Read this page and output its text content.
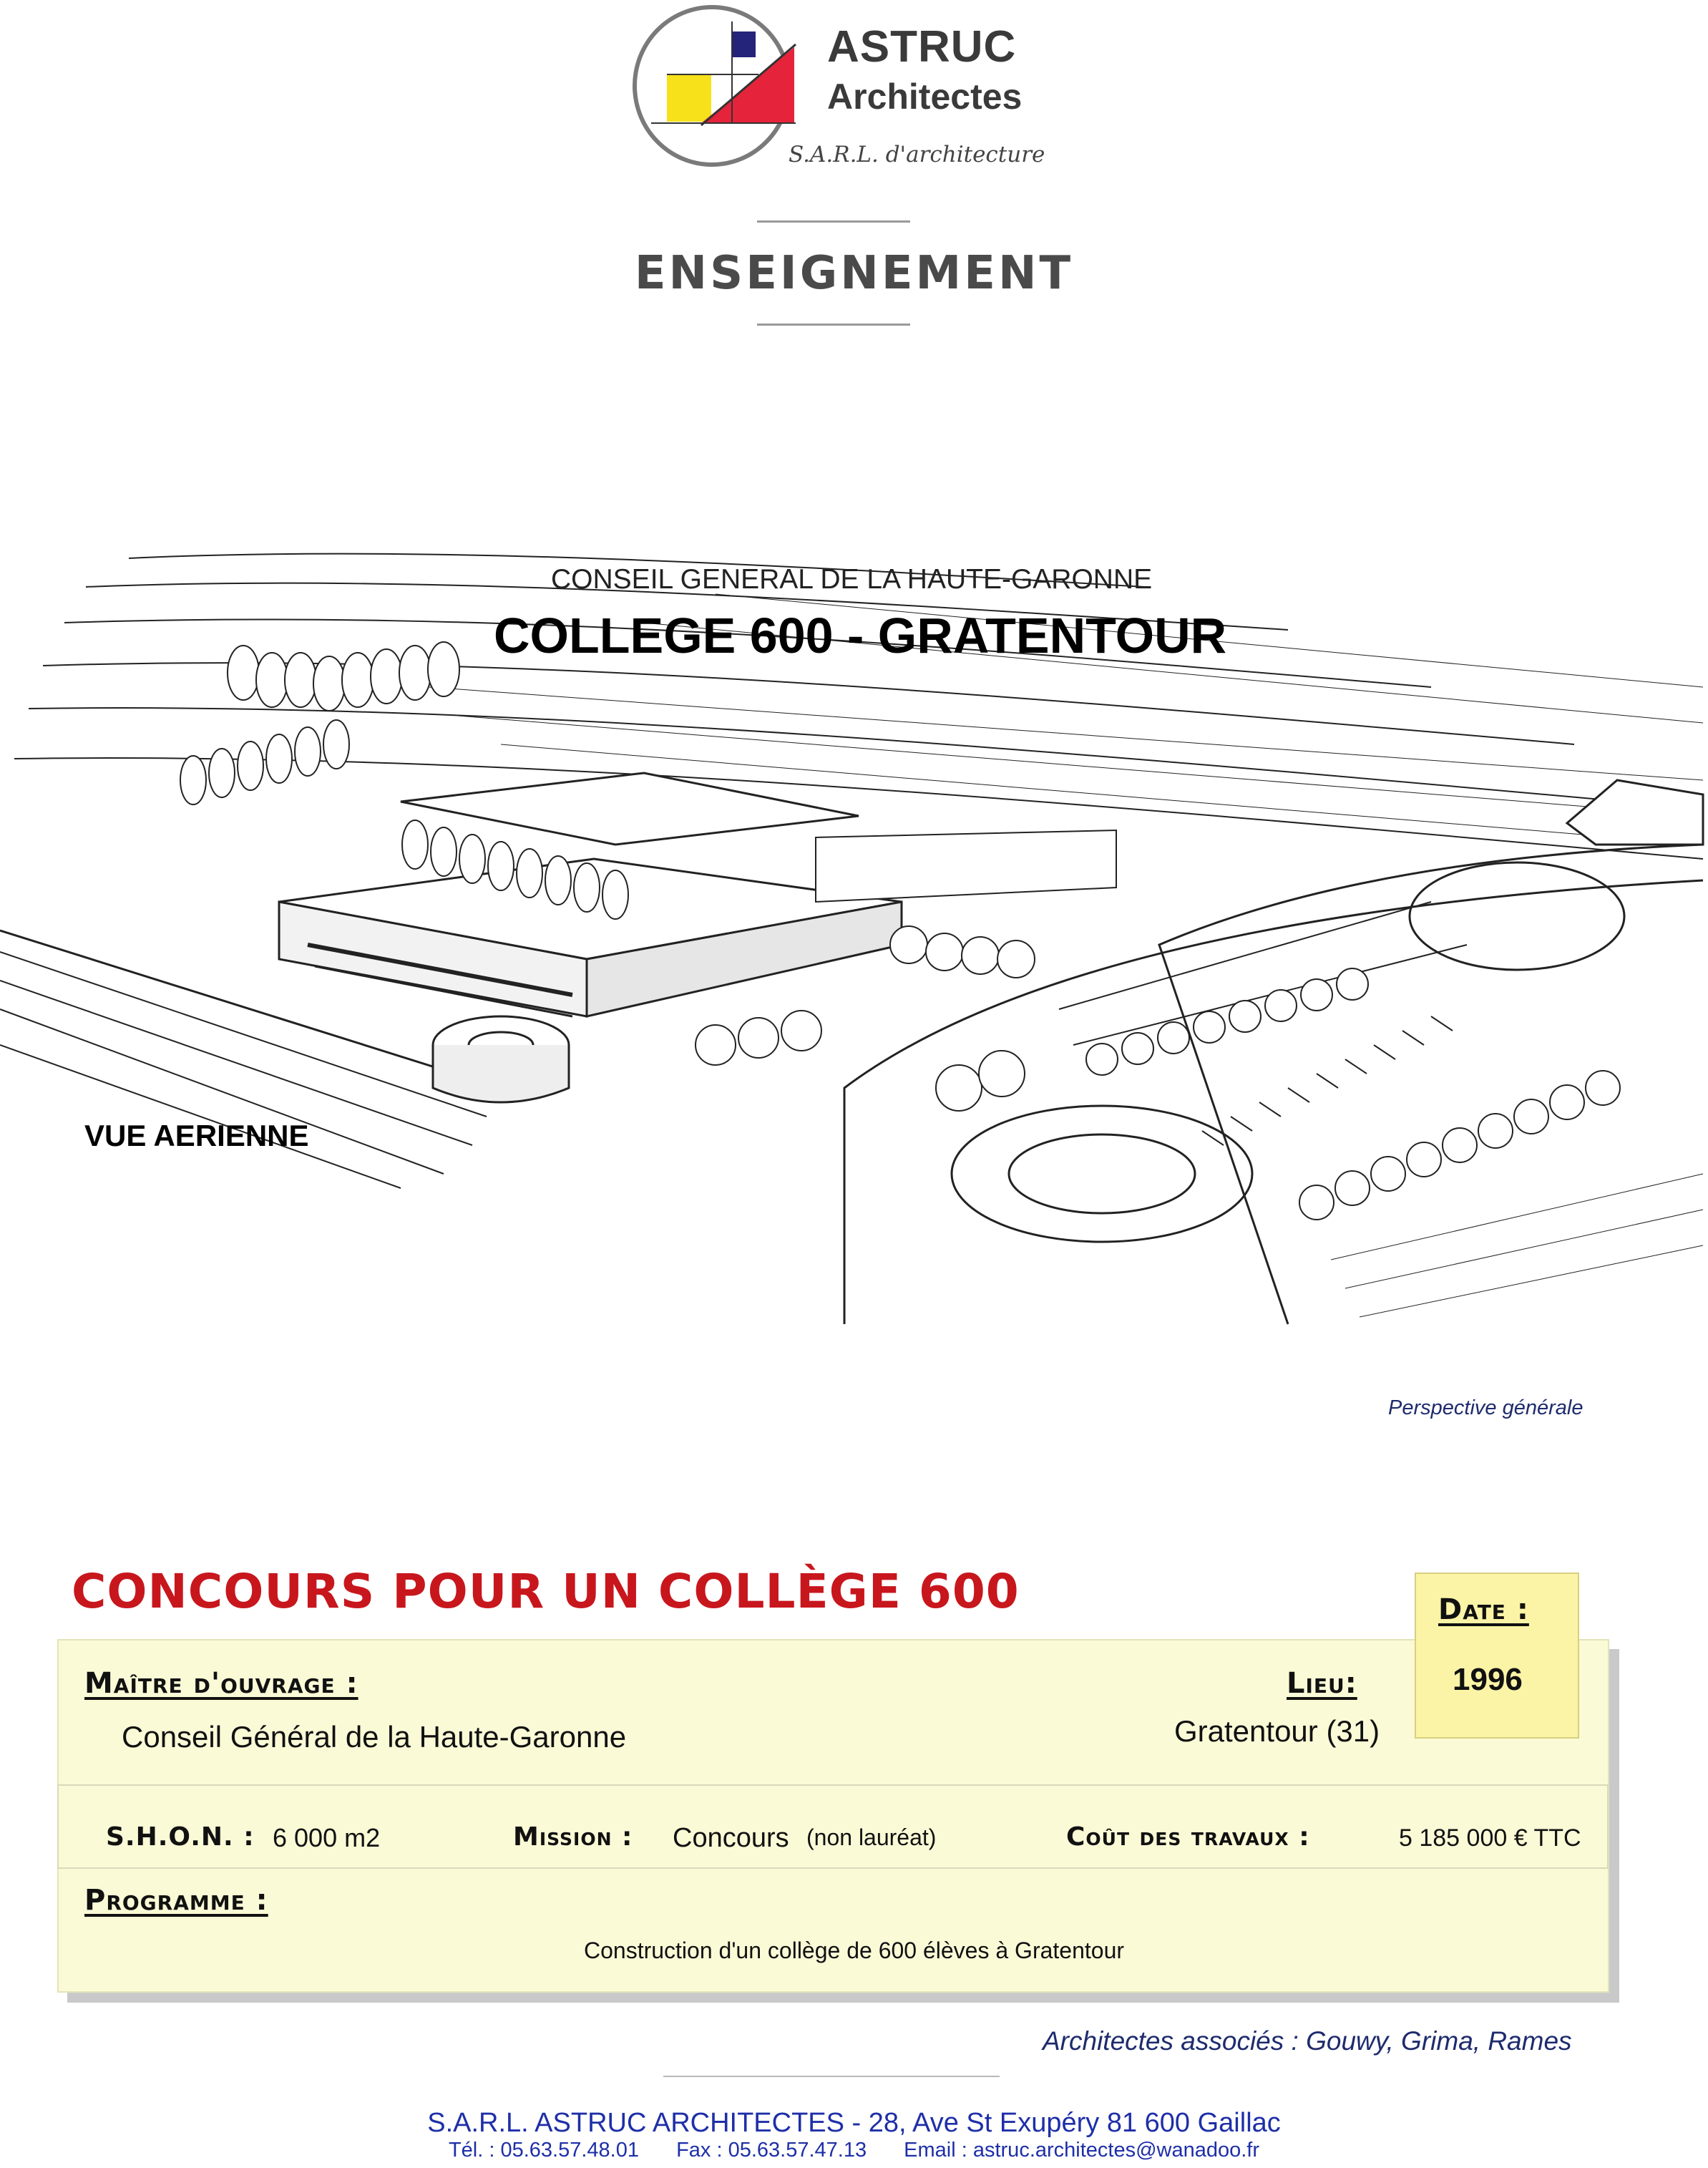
ASTRUC
Architectes
S.A.R.L. d'architecture
ENSEIGNEMENT
CONSEIL GENERAL DE LA HAUTE-GARONNE
COLLEGE 600 - GRATENTOUR
VUE AERIENNE
Perspective générale
CONCOURS POUR UN COLLÈGE 600	Date :
1996
Maître d'ouvrage :
Conseil Général de la Haute-Garonne
Lieu:
Gratentour (31)
S.H.O.N. : 6 000 m2	Mission : Concours (non lauréat)	Coût des travaux :	5 185 000 € TTC
Programme :
Construction d'un collège de 600 élèves à Gratentour
Architectes associés : Gouwy, Grima, Rames
S.A.R.L. ASTRUC ARCHITECTES - 28, Ave St Exupéry 81 600 Gaillac
Tél. : 05.63.57.48.01 Fax : 05.63.57.47.13 Email : astruc.architectes@wanadoo.fr
